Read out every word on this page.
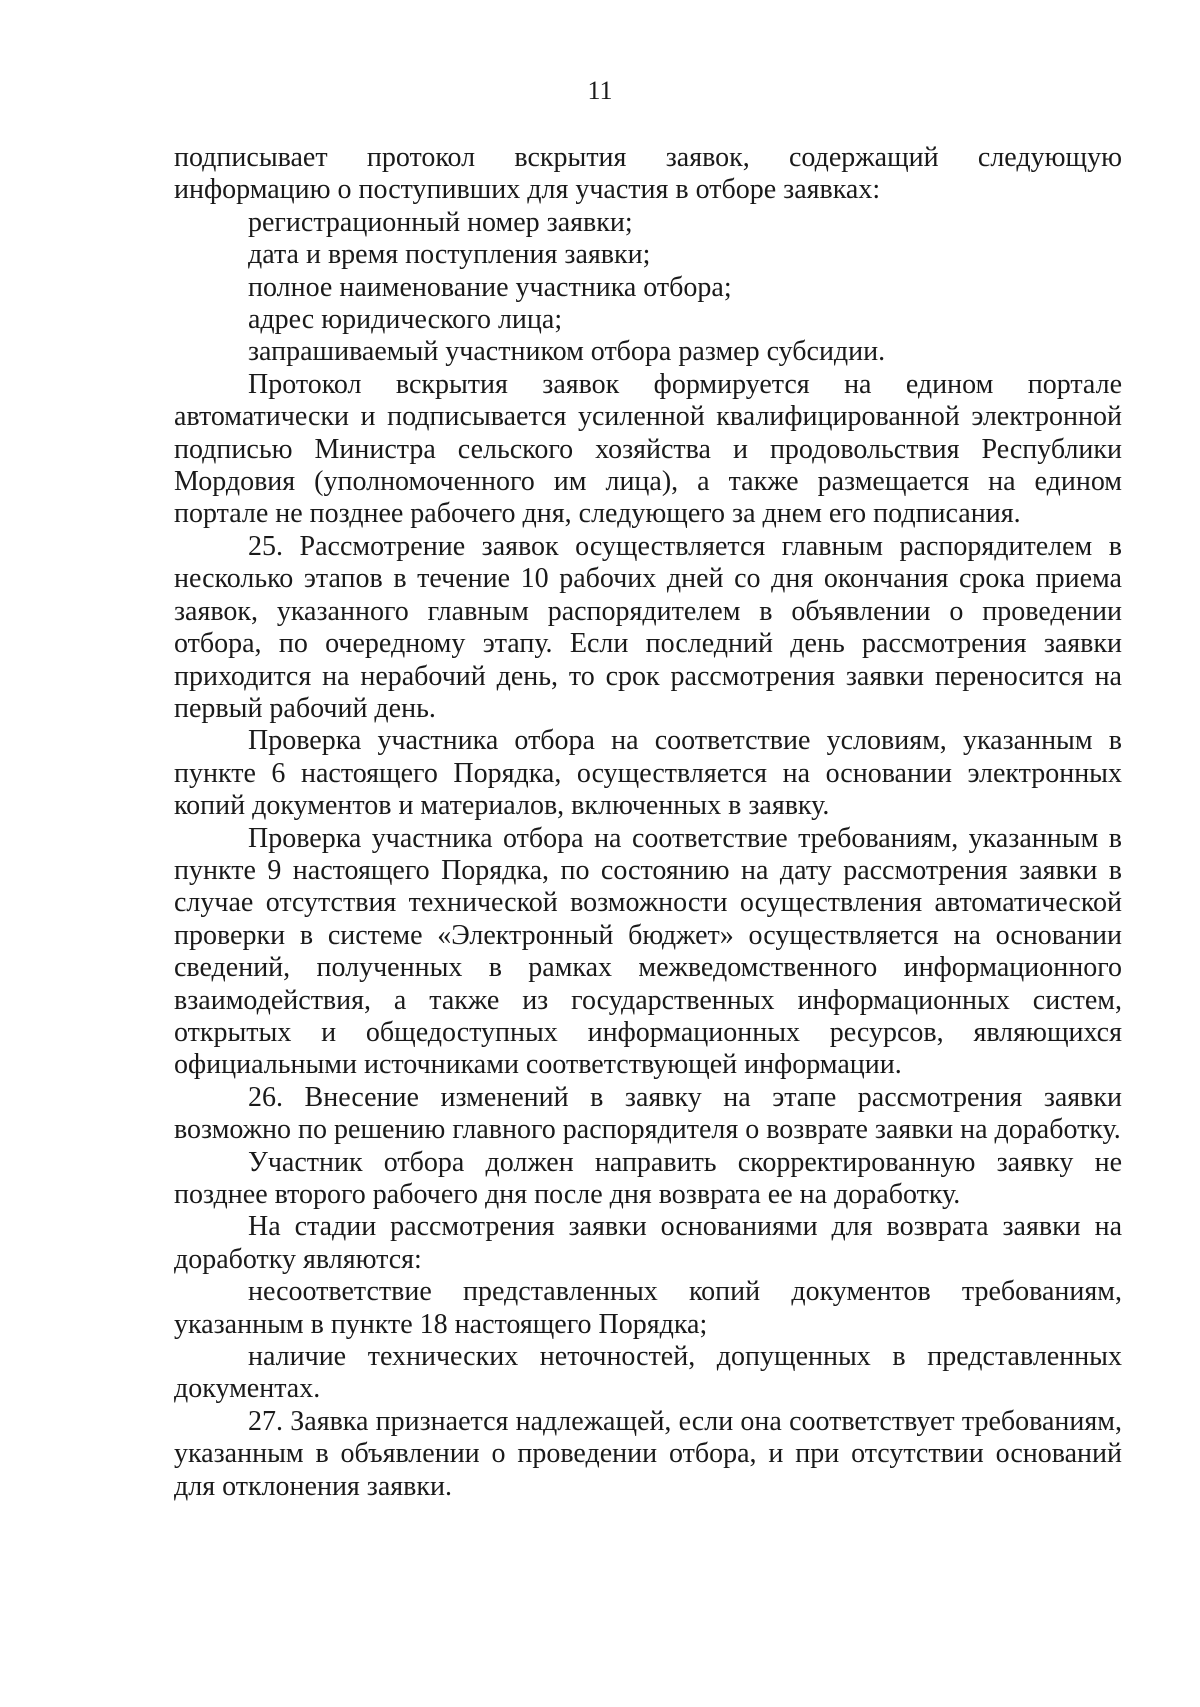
11

подписывает протокол вскрытия заявок, содержащий следующую информацию о поступивших для участия в отборе заявках:

регистрационный номер заявки;

дата и время поступления заявки;

полное наименование участника отбора;

адрес юридического лица;

запрашиваемый участником отбора размер субсидии.

Протокол вскрытия заявок формируется на едином портале автоматически и подписывается усиленной квалифицированной электронной подписью Министра сельского хозяйства и продовольствия Республики Мордовия (уполномоченного им лица), а также размещается на едином портале не позднее рабочего дня, следующего за днем его подписания.

25. Рассмотрение заявок осуществляется главным распорядителем в несколько этапов в течение 10 рабочих дней со дня окончания срока приема заявок, указанного главным распорядителем в объявлении о проведении отбора, по очередному этапу. Если последний день рассмотрения заявки приходится на нерабочий день, то срок рассмотрения заявки переносится на первый рабочий день.

Проверка участника отбора на соответствие условиям, указанным в пункте 6 настоящего Порядка, осуществляется на основании электронных копий документов и материалов, включенных в заявку.

Проверка участника отбора на соответствие требованиям, указанным в пункте 9 настоящего Порядка, по состоянию на дату рассмотрения заявки в случае отсутствия технической возможности осуществления автоматической проверки в системе «Электронный бюджет» осуществляется на основании сведений, полученных в рамках межведомственного информационного взаимодействия, а также из государственных информационных систем, открытых и общедоступных информационных ресурсов, являющихся официальными источниками соответствующей информации.

26. Внесение изменений в заявку на этапе рассмотрения заявки возможно по решению главного распорядителя о возврате заявки на доработку.

Участник отбора должен направить скорректированную заявку не позднее второго рабочего дня после дня возврата ее на доработку.

На стадии рассмотрения заявки основаниями для возврата заявки на доработку являются:

несоответствие представленных копий документов требованиям, указанным в пункте 18 настоящего Порядка;

наличие технических неточностей, допущенных в представленных документах.

27. Заявка признается надлежащей, если она соответствует требованиям, указанным в объявлении о проведении отбора, и при отсутствии оснований для отклонения заявки.
